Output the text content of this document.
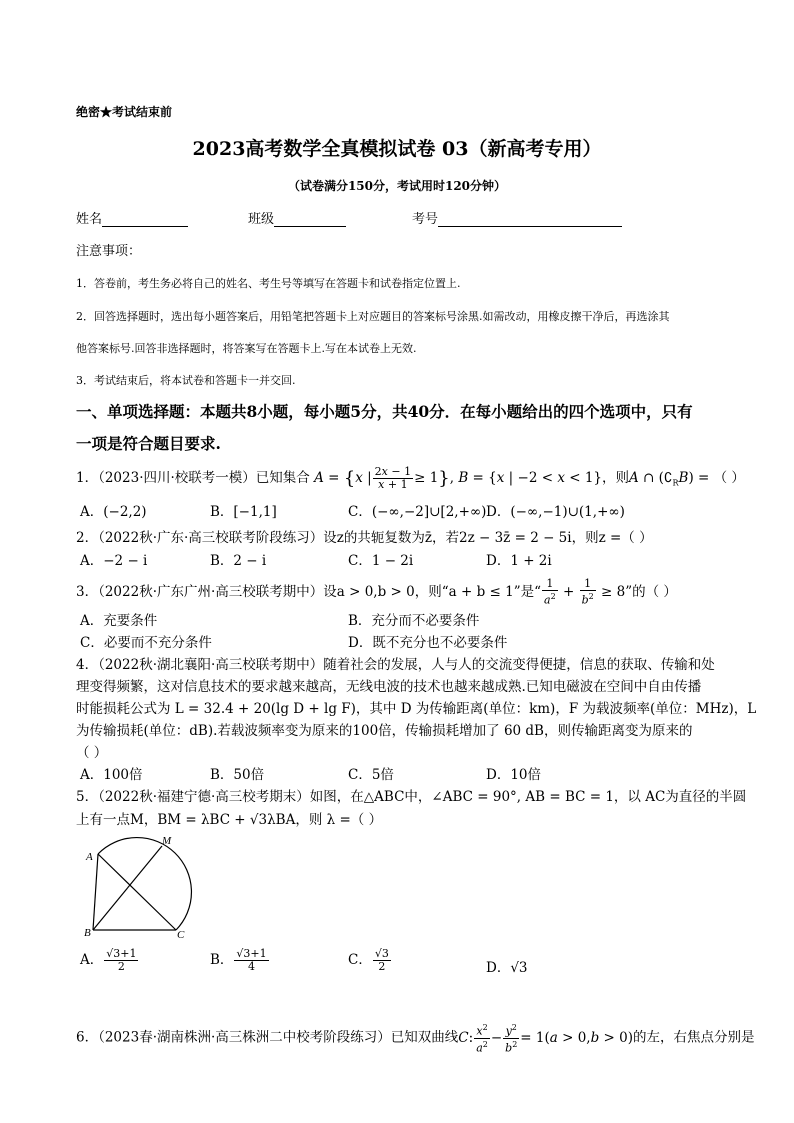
绝密★考试结束前
2023高考数学全真模拟试卷 03（新高考专用）
（试卷满分150分，考试用时120分钟）
姓名	班级	考号
注意事项：
1．答卷前，考生务必将自己的姓名、考生号等填写在答题卡和试卷指定位置上.
2．回答选择题时，选出每小题答案后，用铅笔把答题卡上对应题目的答案标号涂黑.如需改动，用橡皮擦干净后，再选涂其
他答案标号.回答非选择题时，将答案写在答题卡上.写在本试卷上无效.
3．考试结束后，将本试卷和答题卡一并交回.
一、单项选择题：本题共8小题，每小题5分，共40分．在每小题给出的四个选项中，只有
一项是符合题目要求.
1．（2023·四川·校联考一模）已知集合 A = {x | $\frac{2x - 1}{x + 1} \ge 1$}, B = {x | −2 < x < 1}，则A ∩ $(∁_RB)$ = （ ）
A．(−2,2)	B．[−1,1]	C．(−∞,−2]∪[2,+∞) D．(−∞,−1)∪(1,+∞)
2．（2022秋·广东·高三校联考阶段练习）设z的共轭复数为z̄，若2z − 3z̄ = 2 − 5i，则z =（ ）
A．−2 − i	B．2 − i	C．1 − 2i	D．1 + 2i
3．（2022秋·广东广州·高三校联考期中）设a > 0,b > 0，则“a + b ≤ 1”是“ $\frac{1}{a^2} + \frac{1}{b^2} \ge 8$”的（ ）
A．充要条件	B．充分而不必要条件
C．必要而不充分条件	D．既不充分也不必要条件
4．（2022秋·湖北襄阳·高三校联考期中）随着社会的发展，人与人的交流变得便捷，信息的获取、传输和处
理变得频繁，这对信息技术的要求越来越高，无线电波的技术也越来越成熟.已知电磁波在空间中自由传播
时能损耗公式为 L = 32.4 + 20(lg D + lg F)，其中 D 为传输距离(单位：km)，F 为载波频率(单位：MHz)，L
为传输损耗(单位：dB).若载波频率变为原来的100倍，传输损耗增加了 60 dB，则传输距离变为原来的
（ ）
A．100倍	B．50倍	C．5倍	D．10倍
5．（2022秋·福建宁德·高三校考期末）如图，在△ABC中，∠ABC = 90°, AB = BC = 1，以 AC为直径的半圆
上有一点M，BM = λBC + √3λBA，则 λ =（ ）
A
M
B	C
A． $\frac{√3+1}{2}$	B． $\frac{√3+1}{4}$	C． $\frac{√3}{2}$	D．√3
6．（2023春·湖南株洲·高三株洲二中校考阶段练习）已知双曲线C: $\frac{x^2}{a^2} - \frac{y^2}{b^2} = 1(a > 0,b > 0)$的左，右焦点分别是
